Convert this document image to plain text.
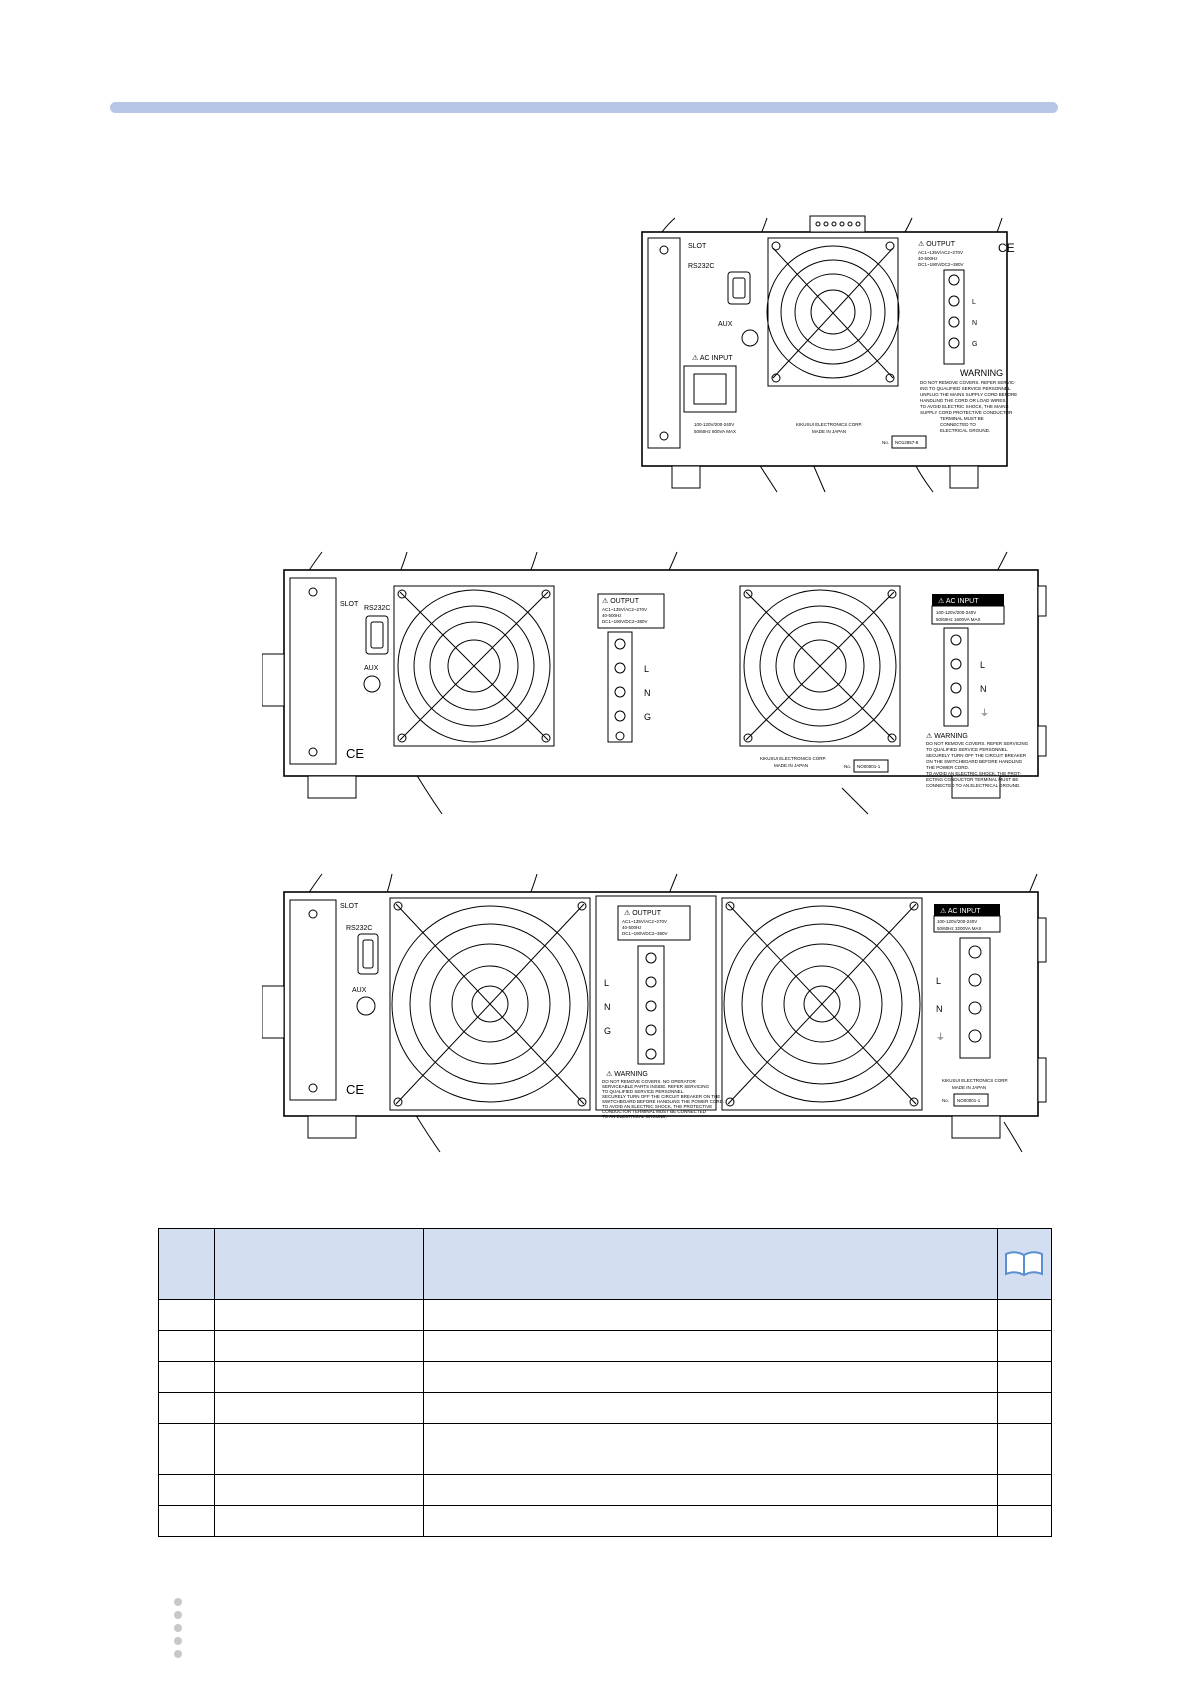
SLOT
RS232C
AUX
⚠ AC INPUT
100-120V/200-240V
50/60Hz 800VA MAX
⚠ OUTPUT
AC1~135V/AC2~270V
40-500Hz
DC1~190V/DC2~380V
CE
L
N
G
WARNING
DO NOT REMOVE COVERS. REFER SERVIC-
ING TO QUALIFIED SERVICE PERSONNEL.
UNPLUG THE MAINS SUPPLY CORD BEFORE
HANDLING THE CORD OR LOAD WIRES.
TO AVOID ELECTRIC SHOCK, THE MAINS
SUPPLY CORD PROTECTIVE CONDUCTOR
TERMINAL MUST BE
CONNECTED TO
ELECTRICAL GROUND.
KIKUSUI ELECTRONICS CORP.
MADE IN JAPAN
No. NO12857-8
SLOT
CE
RS232C
AUX
⚠ OUTPUT
AC1~135V/AC2~270V
40-500Hz
DC1~190V/DC2~380V
L
N
G
⚠ AC INPUT
100-120V/200-240V
50/60Hz 1600VA MAX
L
N
⏚
⚠ WARNING
DO NOT REMOVE COVERS. REFER SERVICING
TO QUALIFIED SERVICE PERSONNEL.
SECURELY TURN OFF THE CIRCUIT BREAKER
ON THE SWITCHBOARD BEFORE HANDLING
THE POWER CORD.
TO AVOID AN ELECTRIC SHOCK, THE PROT-
ECTING CONDUCTOR TERMINAL MUST BE
CONNECTED TO AN ELECTRICAL GROUND.
KIKUSUI ELECTRONICS CORP.
MADE IN JAPAN	No. NO00001-1
SLOT
CE
RS232C
AUX
⚠ OUTPUT
AC1~135V/AC2~270V
40-500Hz
DC1~190V/DC2~380V
L
N
G
⚠ WARNING
DO NOT REMOVE COVERS. NO OPERATOR
SERVICEABLE PARTS INSIDE. REFER SERVICING
TO QUALIFIED SERVICE PERSONNEL.
SECURELY TURN OFF THE CIRCUIT BREAKER ON THE
SWITCHBOARD BEFORE HANDLING THE POWER CORD.
TO AVOID AN ELECTRIC SHOCK, THE PROTECTIVE
CONDUCTOR TERMINAL MUST BE CONNECTED
TO AN ELECTRICAL GROUND.
⚠ AC INPUT
100-120V/200-240V
50/60Hz 3200VA MAX
L
N
⏚
KIKUSUI ELECTRONICS CORP.
MADE IN JAPAN
No. NO00001-1
